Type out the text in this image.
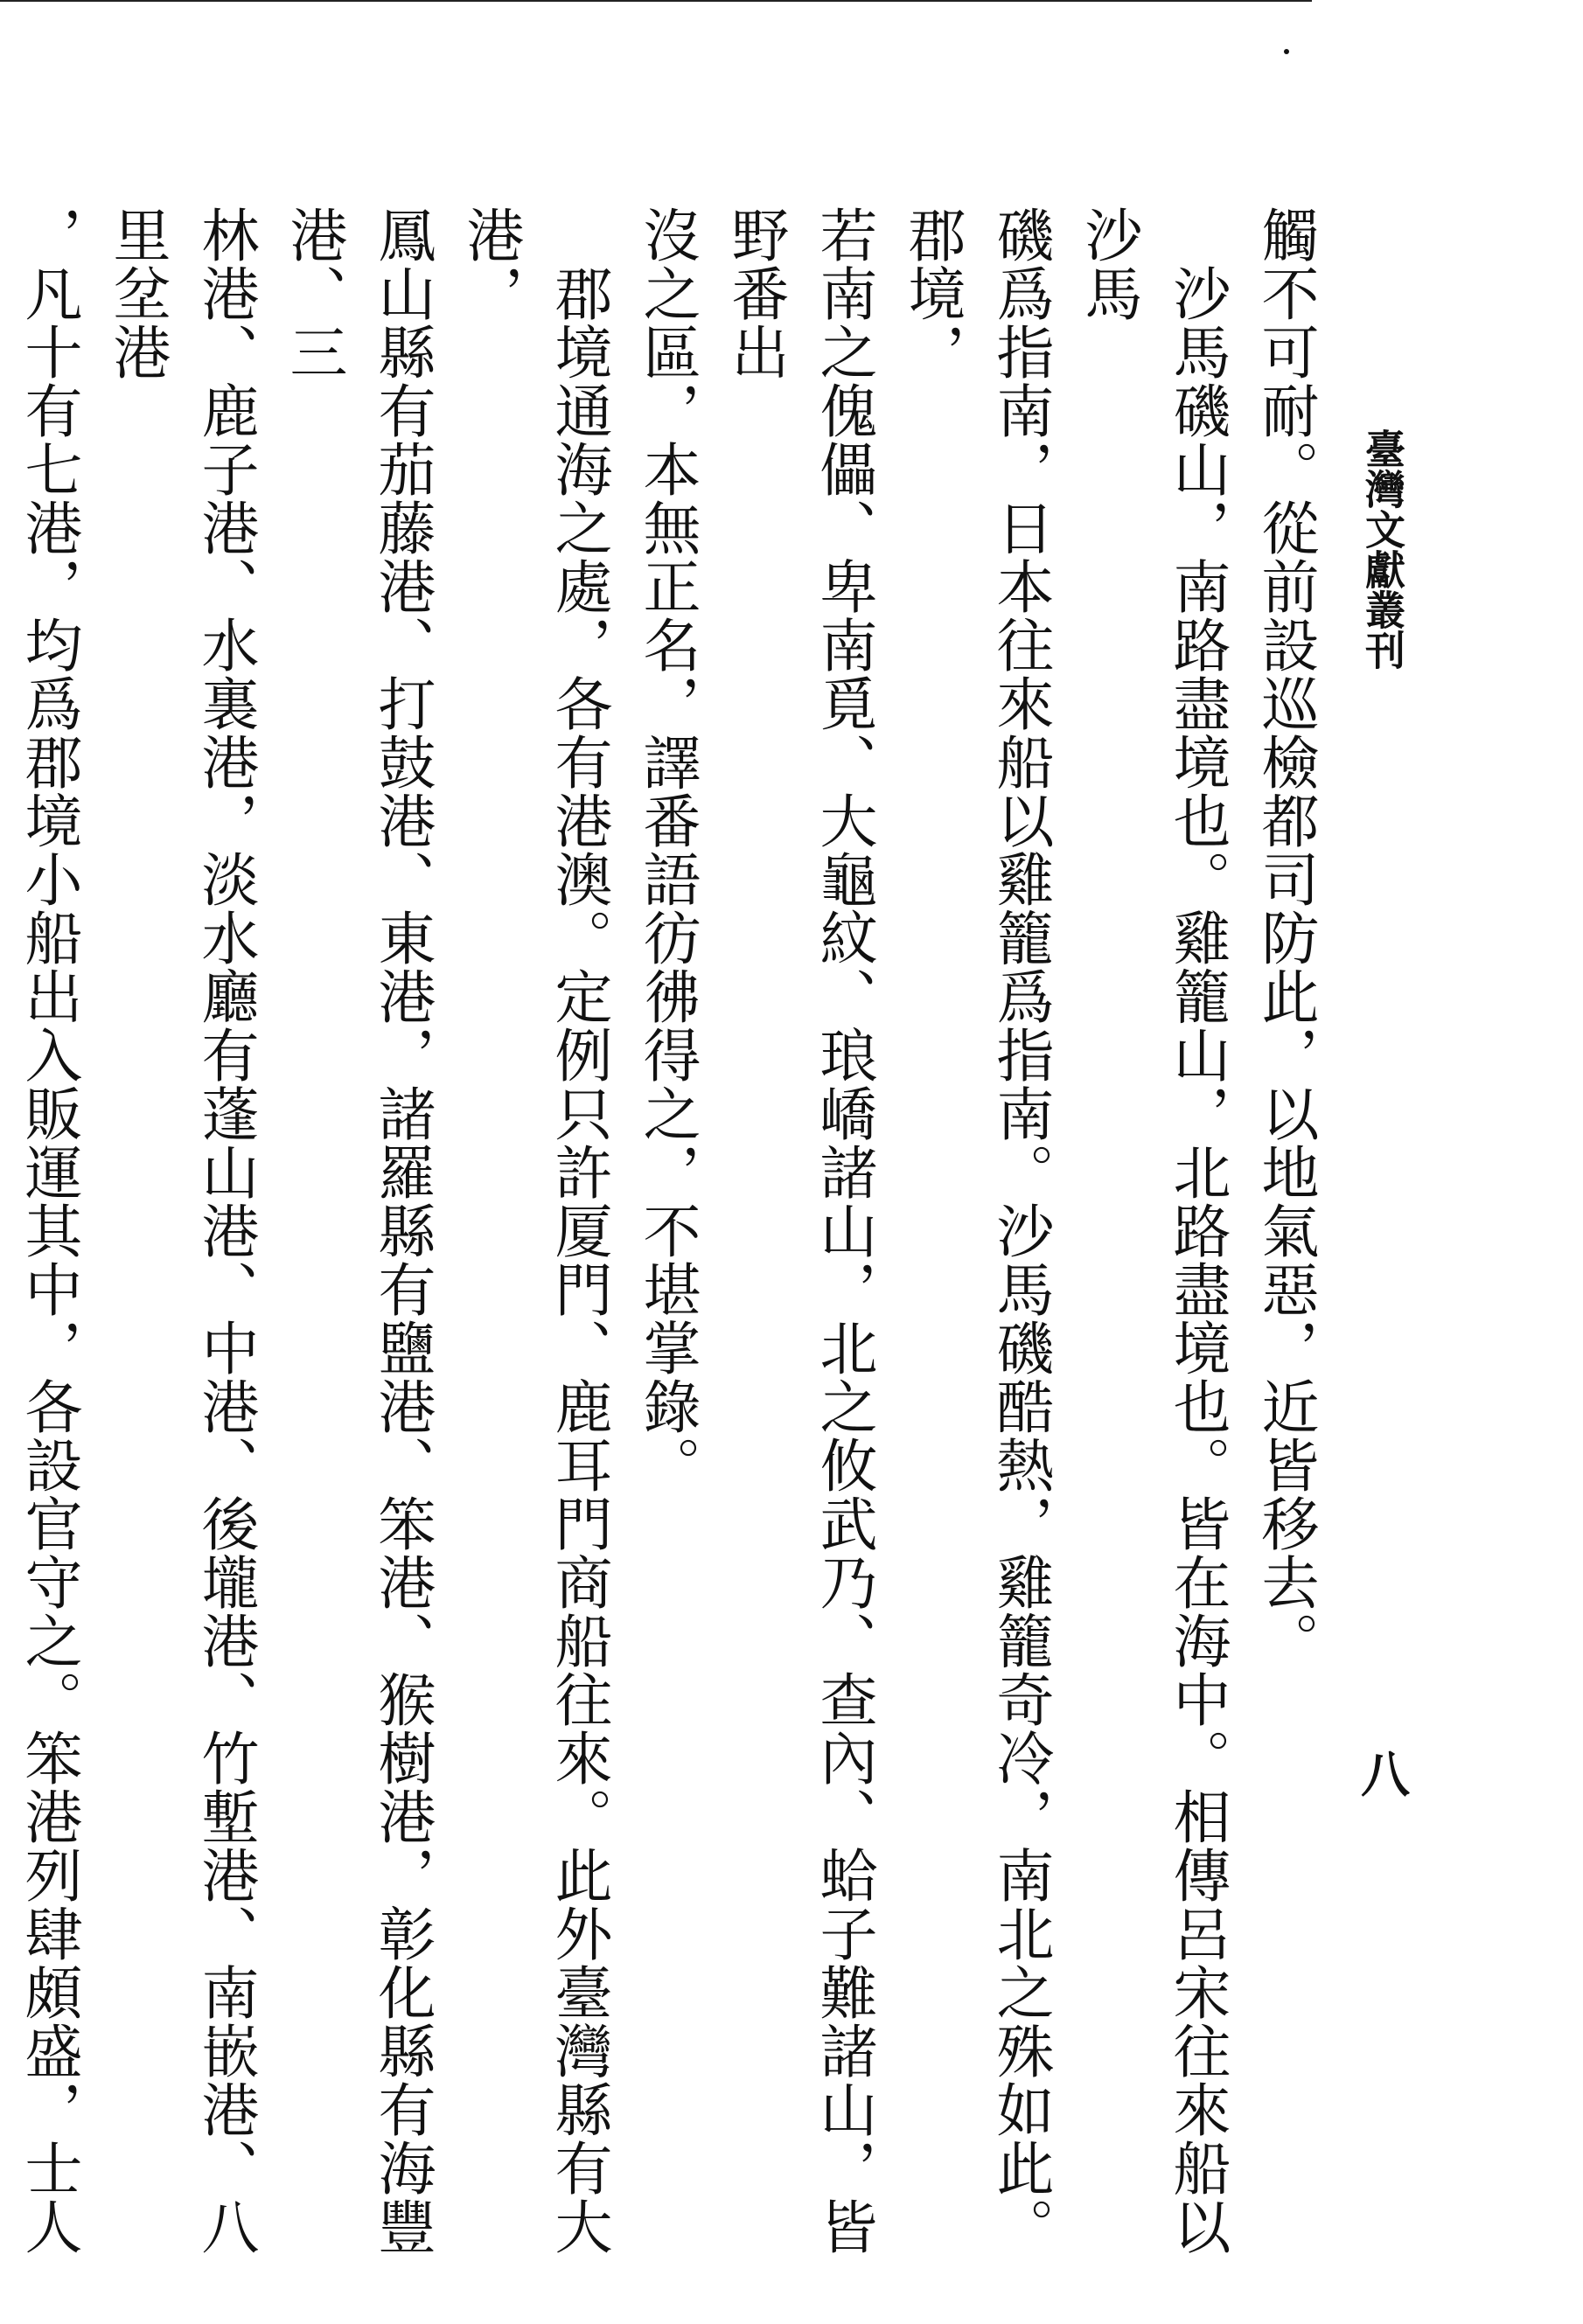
臺灣文獻叢刊
八
觸不可耐。從前設巡檢都司防此，以地氣惡，近皆移去。
　沙馬磯山，南路盡境也。雞籠山，北路盡境也。皆在海中。相傳呂宋往來船以沙馬
磯爲指南，日本往來船以雞籠爲指南。沙馬磯酷熱，雞籠奇冷，南北之殊如此。郡境，
若南之傀儡、卑南覓、大龜紋、琅嶠諸山，北之攸武乃、查內、蛤子難諸山，皆野番出
沒之區，本無正名，譯番語彷彿得之，不堪掌錄。
　郡境通海之處，各有港澳。定例只許厦門、鹿耳門商船往來。此外臺灣縣有大港，
鳳山縣有茄藤港、打鼓港、東港，諸羅縣有鹽港、笨港、猴樹港，彰化縣有海豐港、三
林港、鹿子港、水裏港，淡水廳有蓬山港、中港、後壠港、竹塹港、南嵌港、八里坌港
，凡十有七港，均爲郡境小船出入販運其中，各設官守之。笨港列肆頗盛，士人
